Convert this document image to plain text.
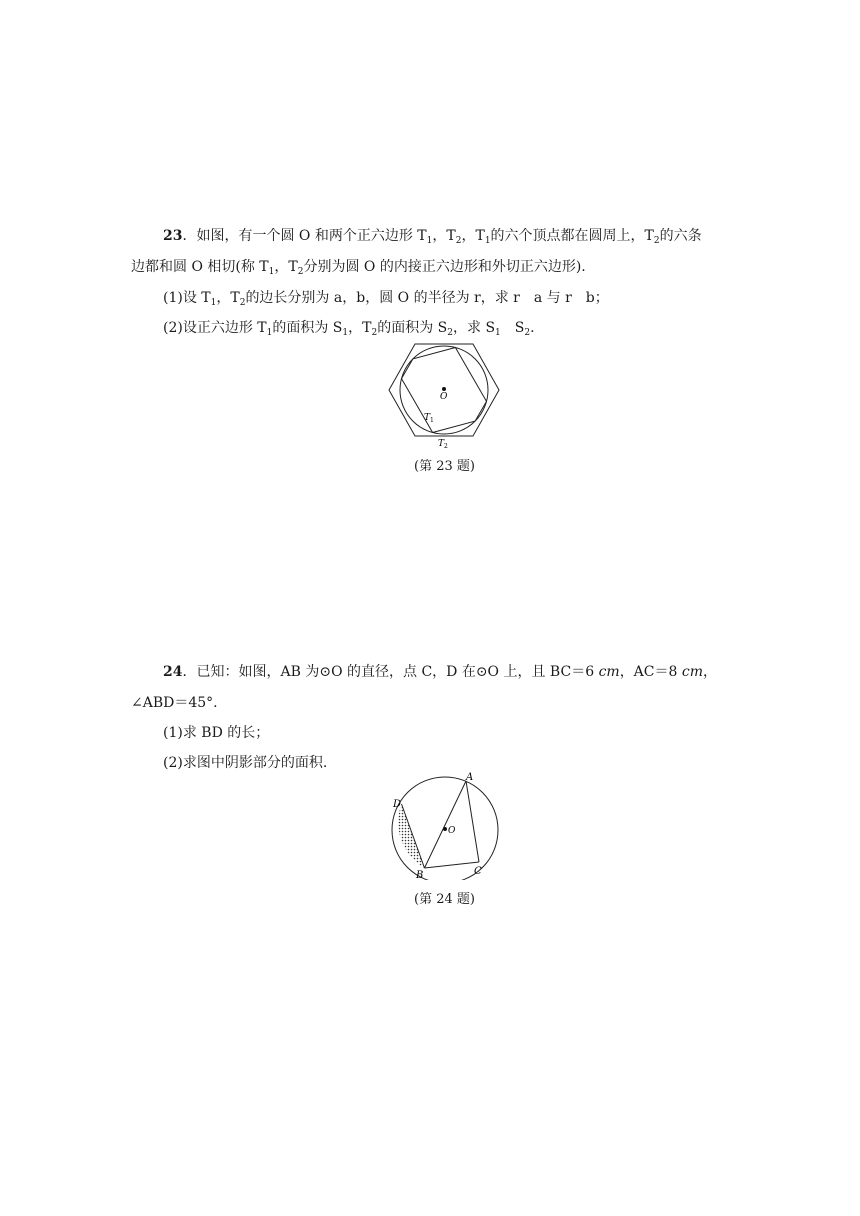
23．如图，有一个圆 O 和两个正六边形 $T_1$，$T_2$，$T_1$的六个顶点都在圆周上，$T_2$的六条
边都和圆 O 相切(称 $T_1$，$T_2$分别为圆 O 的内接正六边形和外切正六边形).
(1)设 $T_1$，$T_2$的边长分别为 a，b，圆 O 的半径为 r，求 r　a 与 r　b；
(2)设正六边形 $T_1$的面积为 $S_1$，$T_2$的面积为 $S_2$，求 $S_1$　$S_2$.
O
$T_1$
$T_2$
(第 23 题)
24．已知：如图，AB 为⊙O 的直径，点 C，D 在⊙O 上，且 BC＝6 cm，AC＝8 cm，
∠ABD＝45°.
(1)求 BD 的长；
(2)求图中阴影部分的面积.
A
D
O
B	C
(第 24 题)
